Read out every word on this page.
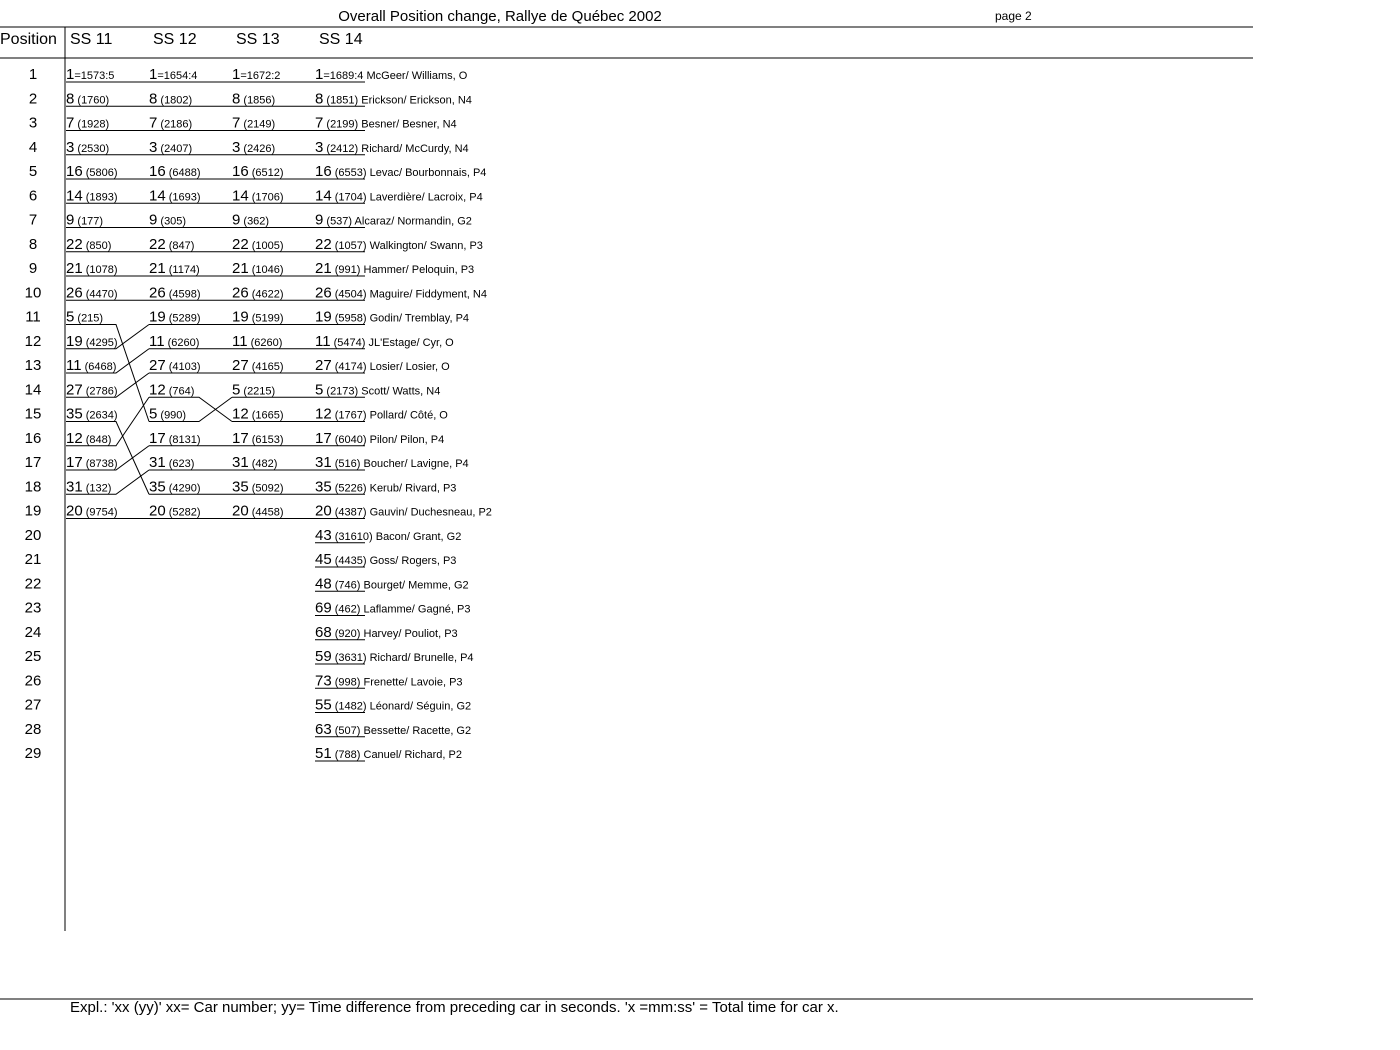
Overall Position change, Rallye de Québec 2002	page 2
Position SS 11	SS 12 SS 13 SS 14
Expl.: 'xx (yy)' xx= Car number; yy= Time difference from preceding car in seconds. 'x =mm:ss' = Total time for car x.
1=1573:5
8 (1760)
7 (1928)
3 (2530)
16 (5806)
14 (1893)
9 (177)
22 (850)
21 (1078)
26 (4470)
5 (215)
19 (4295)
11 (6468)
27 (2786)
35 (2634)
12 (848)
17 (8738)
31 (132)
20 (9754)
1=1654:4
8 (1802)
7 (2186)
3 (2407)
16 (6488)
14 (1693)
9 (305)
22 (847)
21 (1174)
26 (4598)
19 (5289)
11 (6260)
27 (4103)
12 (764)
5 (990)
17 (8131)
31 (623)
35 (4290)
20 (5282)
1=1672:2
8 (1856)
7 (2149)
3 (2426)
16 (6512)
14 (1706)
9 (362)
22 (1005)
21 (1046)
26 (4622)
19 (5199)
11 (6260)
27 (4165)
5 (2215)
12 (1665)
17 (6153)
31 (482)
35 (5092)
20 (4458)
1=1689:4 McGeer/ Williams, O
8 (1851) Erickson/ Erickson, N4
7 (2199) Besner/ Besner, N4
3 (2412) Richard/ McCurdy, N4
16 (6553) Levac/ Bourbonnais, P4
14 (1704) Laverdière/ Lacroix, P4
9 (537) Alcaraz/ Normandin, G2
22 (1057) Walkington/ Swann, P3
21 (991) Hammer/ Peloquin, P3
26 (4504) Maguire/ Fiddyment, N4
19 (5958) Godin/ Tremblay, P4
11 (5474) JL'Estage/ Cyr, O
27 (4174) Losier/ Losier, O
5 (2173) Scott/ Watts, N4
12 (1767) Pollard/ Côté, O
17 (6040) Pilon/ Pilon, P4
31 (516) Boucher/ Lavigne, P4
35 (5226) Kerub/ Rivard, P3
20 (4387) Gauvin/ Duchesneau, P2
43 (31610) Bacon/ Grant, G2
45 (4435) Goss/ Rogers, P3
48 (746) Bourget/ Memme, G2
69 (462) Laflamme/ Gagné, P3
68 (920) Harvey/ Pouliot, P3
59 (3631) Richard/ Brunelle, P4
73 (998) Frenette/ Lavoie, P3
55 (1482) Léonard/ Séguin, G2
63 (507) Bessette/ Racette, G2
51 (788) Canuel/ Richard, P2
1
2
3
4
5
6
7
8
9
10
11
12
13
14
15
16
17
18
19
20
21
22
23
24
25
26
27
28
29
